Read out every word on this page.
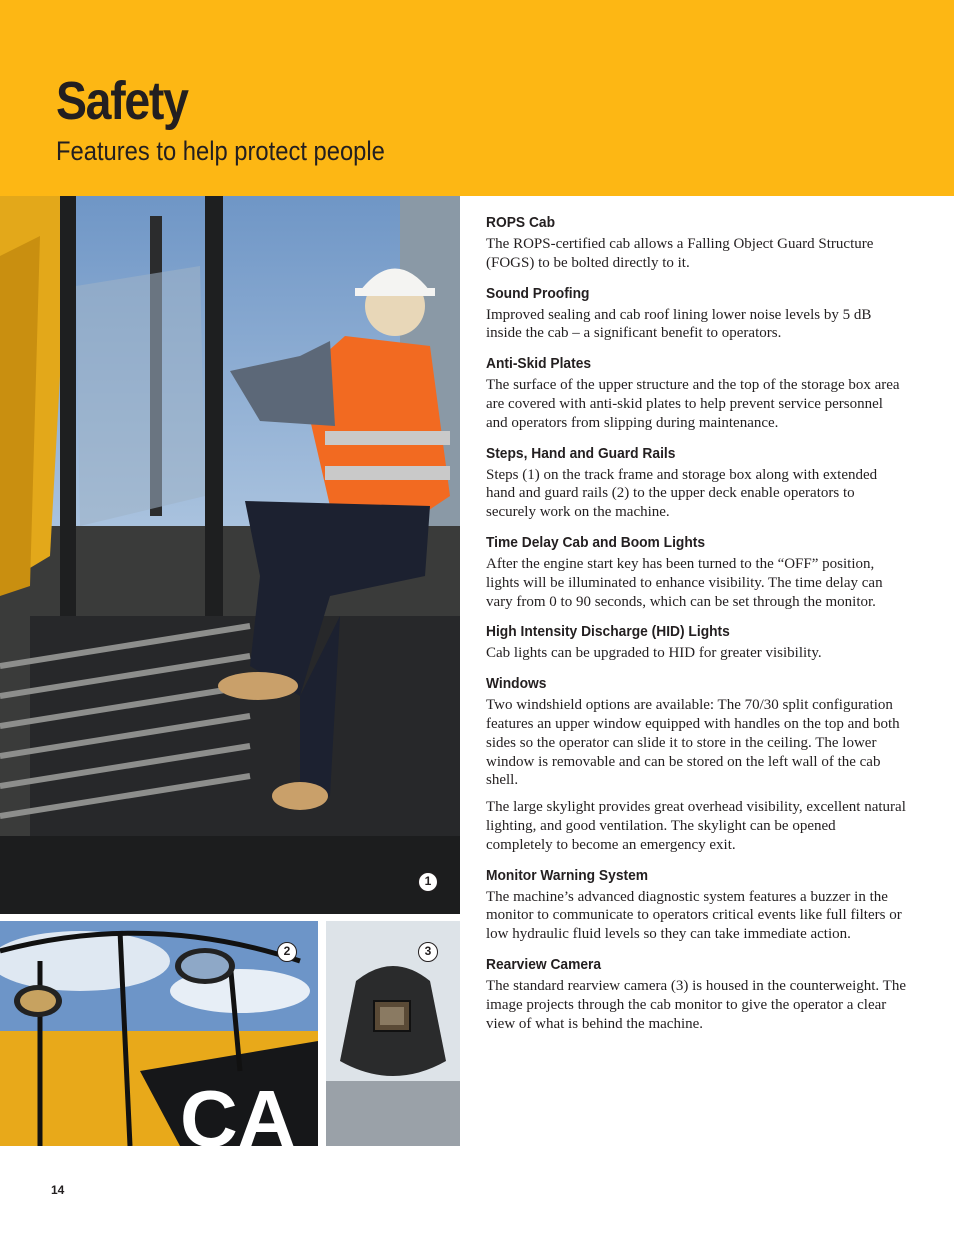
Safety
Features to help protect people
1
CA
2	3
ROPS Cab

The ROPS-certified cab allows a Falling Object Guard Structure (FOGS) to be bolted directly to it.

Sound Proofing

Improved sealing and cab roof lining lower noise levels by 5 dB inside the cab – a significant benefit to operators.

Anti-Skid Plates

The surface of the upper structure and the top of the storage box area are covered with anti-skid plates to help prevent service personnel and operators from slipping during maintenance.

Steps, Hand and Guard Rails

Steps (1) on the track frame and storage box along with extended hand and guard rails (2) to the upper deck enable operators to securely work on the machine.

Time Delay Cab and Boom Lights

After the engine start key has been turned to the “OFF” position, lights will be illuminated to enhance visibility. The time delay can vary from 0 to 90 seconds, which can be set through the monitor.

High Intensity Discharge (HID) Lights

Cab lights can be upgraded to HID for greater visibility.

Windows

Two windshield options are available: The 70/30 split configuration features an upper window equipped with handles on the top and both sides so the operator can slide it to store in the ceiling. The lower window is removable and can be stored on the left wall of the cab shell.

The large skylight provides great overhead visibility, excellent natural lighting, and good ventilation. The skylight can be opened completely to become an emergency exit.

Monitor Warning System

The machine’s advanced diagnostic system features a buzzer in the monitor to communicate to operators critical events like full filters or low hydraulic fluid levels so they can take immediate action.

Rearview Camera

The standard rearview camera (3) is housed in the counterweight. The image projects through the cab monitor to give the operator a clear view of what is behind the machine.

14
